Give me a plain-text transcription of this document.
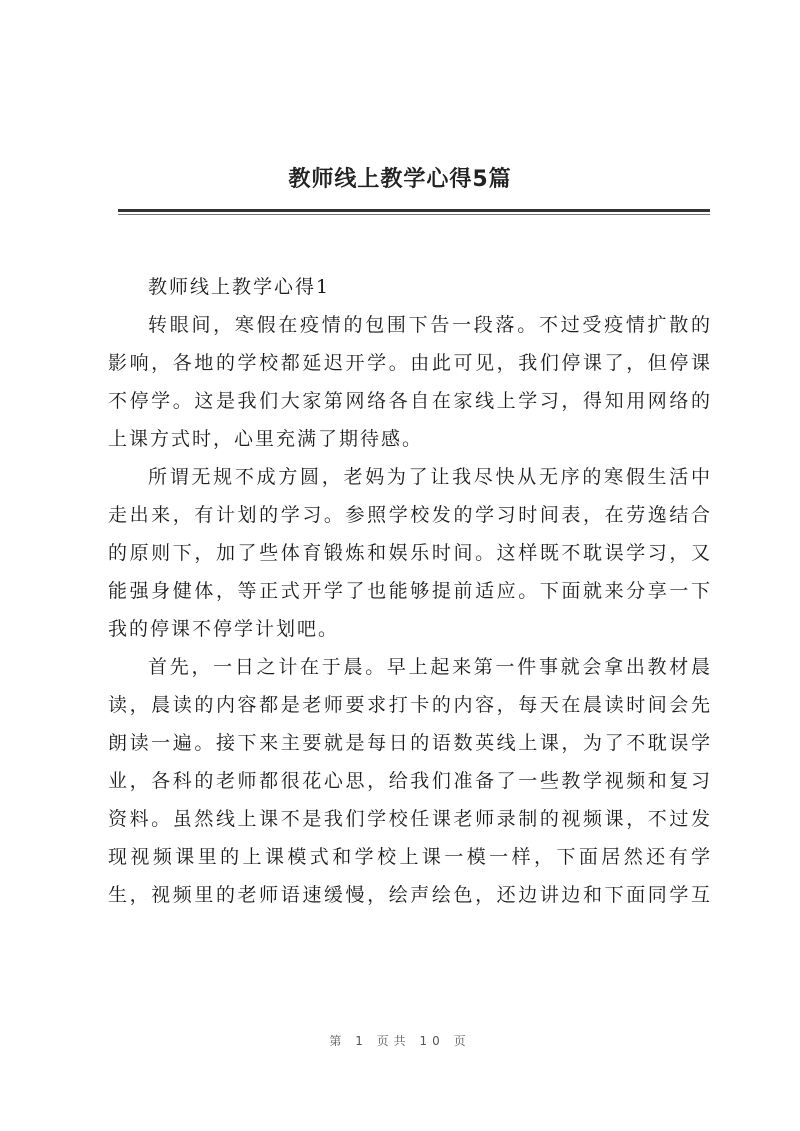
教师线上教学心得5篇
教师线上教学心得1
转眼间，寒假在疫情的包围下告一段落。不过受疫情扩散的
影响，各地的学校都延迟开学。由此可见，我们停课了，但停课
不停学。这是我们大家第网络各自在家线上学习，得知用网络的
上课方式时，心里充满了期待感。
所谓无规不成方圆，老妈为了让我尽快从无序的寒假生活中
走出来，有计划的学习。参照学校发的学习时间表，在劳逸结合
的原则下，加了些体育锻炼和娱乐时间。这样既不耽误学习，又
能强身健体，等正式开学了也能够提前适应。下面就来分享一下
我的停课不停学计划吧。
首先，一日之计在于晨。早上起来第一件事就会拿出教材晨
读，晨读的内容都是老师要求打卡的内容，每天在晨读时间会先
朗读一遍。接下来主要就是每日的语数英线上课，为了不耽误学
业，各科的老师都很花心思，给我们准备了一些教学视频和复习
资料。虽然线上课不是我们学校任课老师录制的视频课，不过发
现视频课里的上课模式和学校上课一模一样，下面居然还有学
生，视频里的老师语速缓慢，绘声绘色，还边讲边和下面同学互
第 1 页共 10 页
